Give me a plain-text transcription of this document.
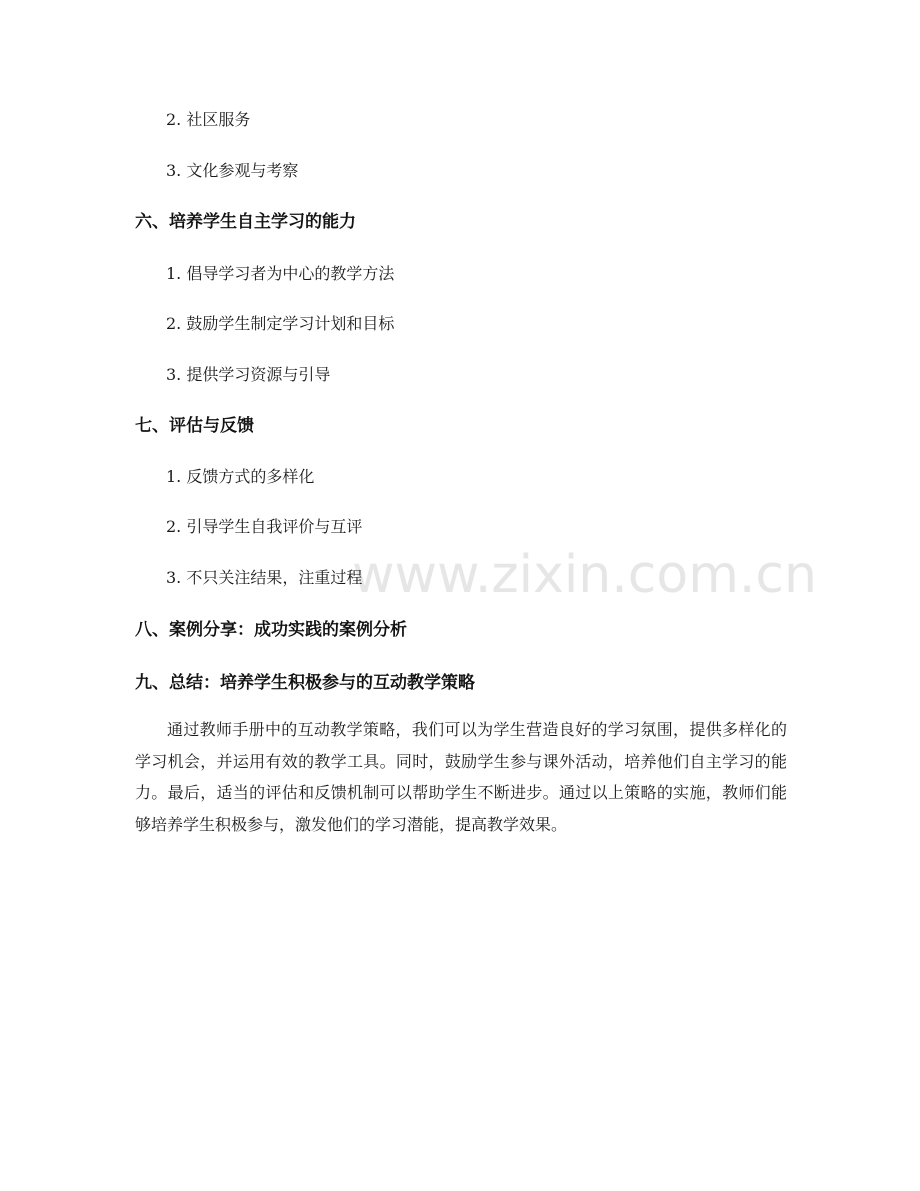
www.zixin.com.cn
2. 社区服务
3. 文化参观与考察
六、培养学生自主学习的能力
1. 倡导学习者为中心的教学方法
2. 鼓励学生制定学习计划和目标
3. 提供学习资源与引导
七、评估与反馈
1. 反馈方式的多样化
2. 引导学生自我评价与互评
3. 不只关注结果，注重过程
八、案例分享：成功实践的案例分析
九、总结：培养学生积极参与的互动教学策略
通过教师手册中的互动教学策略，我们可以为学生营造良好的学习氛围，提供多样化的学习机会，并运用有效的教学工具。同时，鼓励学生参与课外活动，培养他们自主学习的能力。最后，适当的评估和反馈机制可以帮助学生不断进步。通过以上策略的实施，教师们能够培养学生积极参与，激发他们的学习潜能，提高教学效果。
